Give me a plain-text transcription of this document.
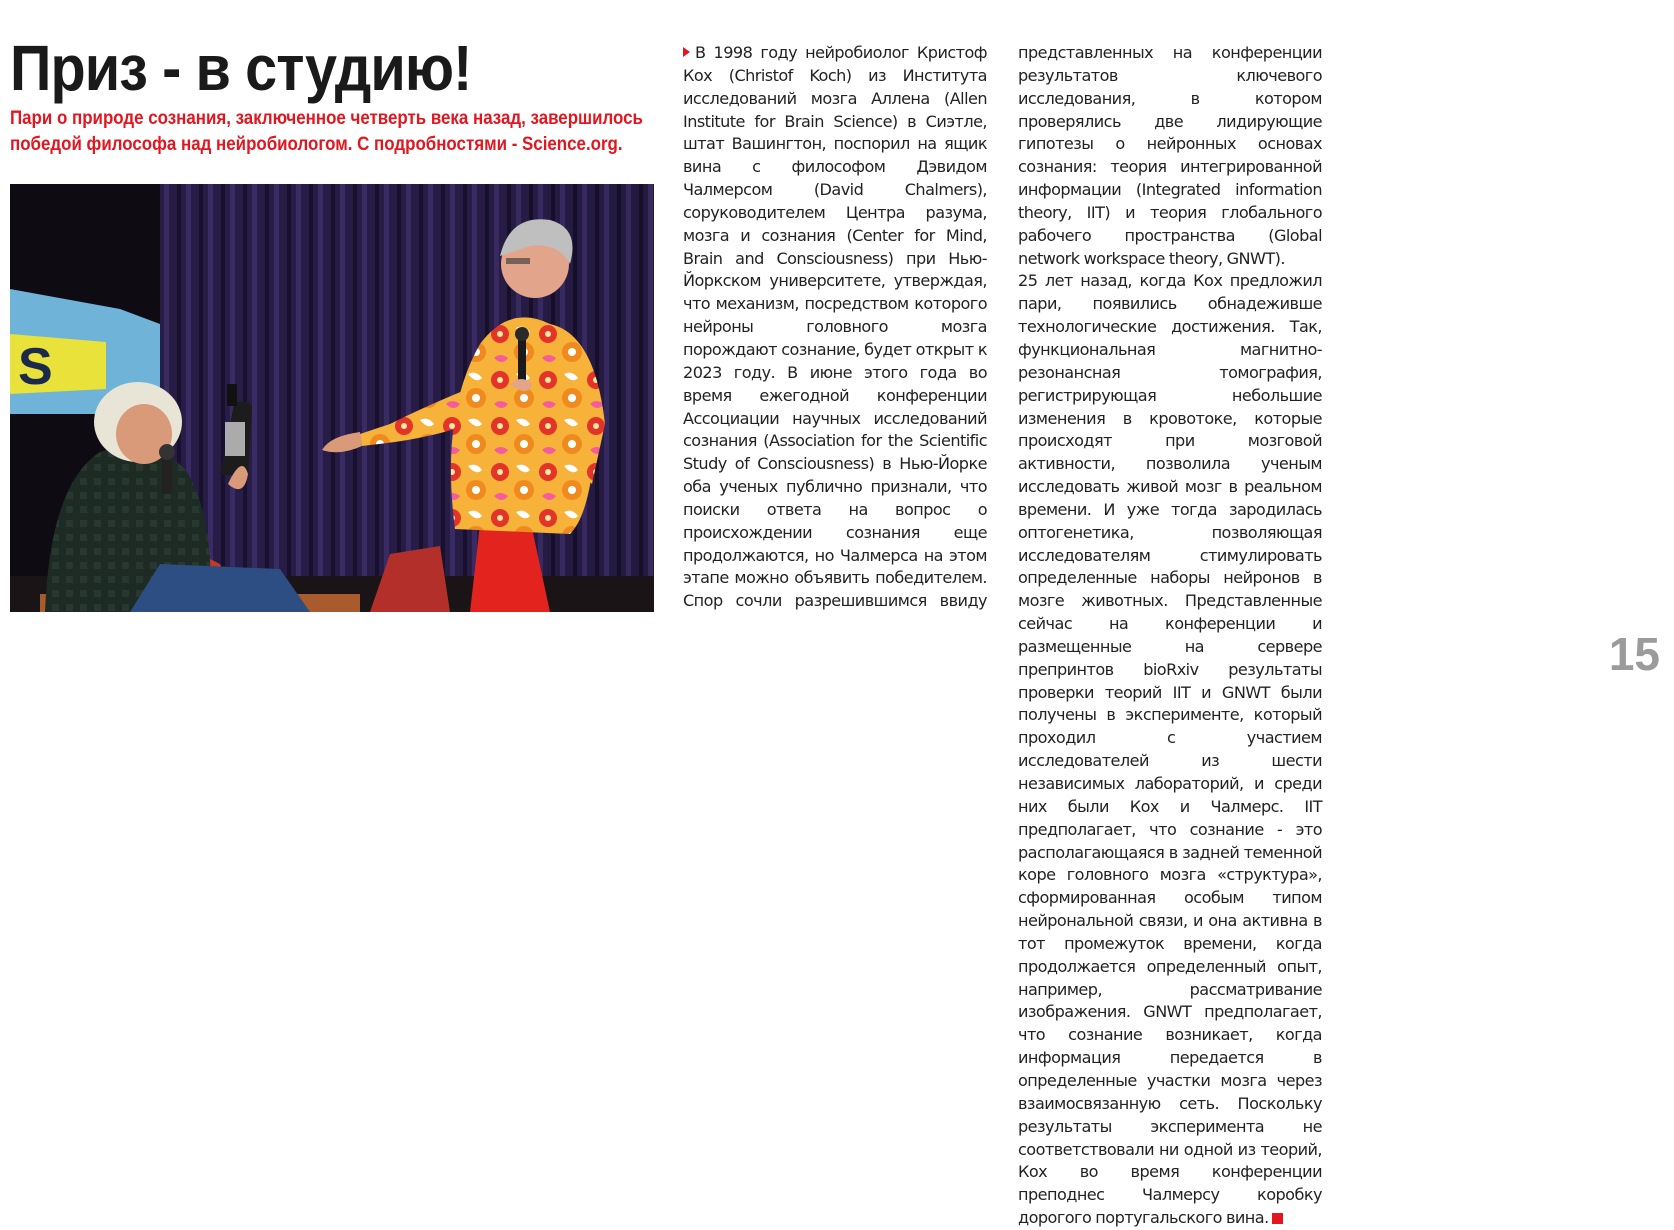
Приз - в студию!

Пари о природе сознания, заключенное четверть века назад, завершилось победой философа над нейробиологом. С подробностями - Science.org.

S

В 1998 году нейробиолог Кристоф Кох (Christof Koch) из Института исследований мозга Аллена (Allen Institute for Brain Science) в Сиэтле, штат Вашингтон, поспорил на ящик вина с философом Дэвидом Чалмерсом (David Chalmers), соруководителем Центра разума, мозга и сознания (Center for Mind, Brain and Consciousness) при Нью-Йоркском университете, утверждая, что механизм, посредством которого нейроны головного мозга порождают сознание, будет открыт к 2023 году. В июне этого года во время ежегодной конференции Ассоциации научных исследований сознания (Association for the Scientific Study of Consciousness) в Нью-Йорке оба ученых публично признали, что поиски ответа на вопрос о происхождении сознания еще продолжаются, но Чалмерса на этом этапе можно объявить победителем. Спор сочли разрешившимся ввиду

представленных на конференции результатов ключевого исследования, в котором проверялись две лидирующие гипотезы о нейронных основах сознания: теория интегрированной информации (Integrated information theory, IIT) и теория глобального рабочего пространства (Global network workspace theory, GNWT).

25 лет назад, когда Кох предложил пари, появились обнадеживше технологические достижения. Так, функциональная магнитно-резонансная томография, регистрирующая небольшие изменения в кровотоке, которые происходят при мозговой активности, позволила ученым исследовать живой мозг в реальном времени. И уже тогда зародилась оптогенетика, позволяющая исследователям стимулировать определенные наборы нейронов в мозге животных. Представленные сейчас на конференции и размещенные на сервере препринтов bioRxiv результаты проверки теорий IIT и GNWT были получены в эксперименте, который проходил с участием исследователей из шести независимых лабораторий, и среди них были Кох и Чалмерс. IIT предполагает, что сознание - это располагающаяся в задней теменной коре головного мозга «структура», сформированная особым типом нейрональной связи, и она активна в тот промежуток времени, когда продолжается определенный опыт, например, рассматривание изображения. GNWT предполагает, что сознание возникает, когда информация передается в определенные участки мозга через взаимосвязанную сеть. Поскольку результаты эксперимента не соответствовали ни одной из теорий, Кох во время конференции преподнес Чалмерсу коробку дорогого португальского вина.

15
